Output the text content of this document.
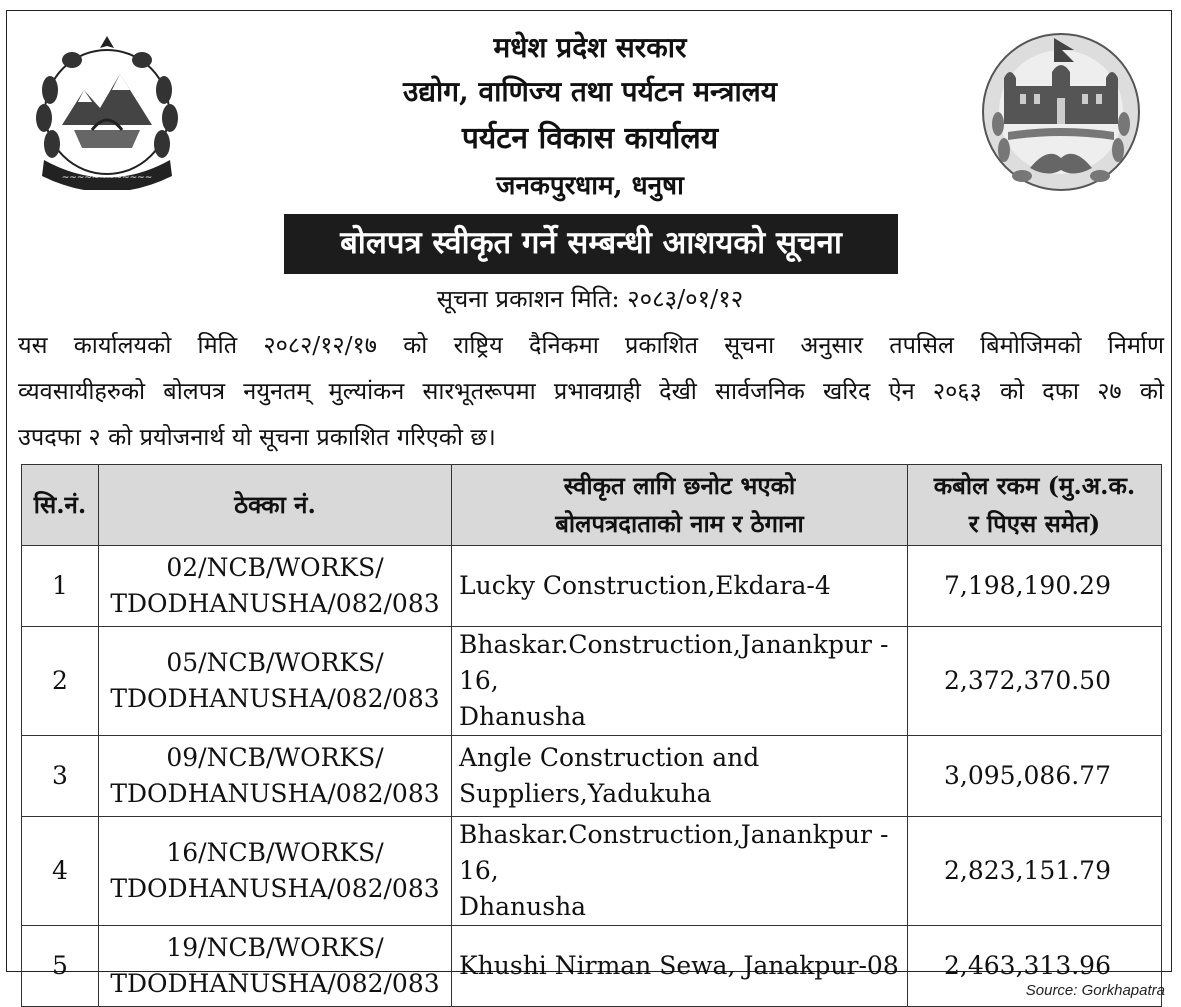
~~~~~~~~~~~~
मधेश प्रदेश सरकार
उद्योग, वाणिज्य तथा पर्यटन मन्त्रालय
पर्यटन विकास कार्यालय
जनकपुरधाम, धनुषा
बोलपत्र स्वीकृत गर्ने सम्बन्धी आशयको सूचना
सूचना प्रकाशन मिति: २०८३/०१/१२
यस कार्यालयको मिति २०८२/१२/१७ को राष्ट्रिय दैनिकमा प्रकाशित सूचना अनुसार तपसिल बिमोजिमको निर्माण
व्यवसायीहरुको बोलपत्र नयुनतम् मुल्यांकन सारभूतरूपमा प्रभावग्राही देखी सार्वजनिक खरिद ऐन २०६३ को दफा २७ को
उपदफा २ को प्रयोजनार्थ यो सूचना प्रकाशित गरिएको छ।
सि.नं.	ठेक्का नं.	स्वीकृत लागि छनोट भएको
बोलपत्रदाताको नाम र ठेगाना	कबोल रकम (मु.अ.क.
र पिएस समेत)

1	02/NCB/WORKS/
TDODHANUSHA/082/083	Lucky Construction,Ekdara-4	7,198,190.29
2	05/NCB/WORKS/
TDODHANUSHA/082/083	Bhaskar.Construction,Janankpur - 16,
Dhanusha	2,372,370.50
3	09/NCB/WORKS/
TDODHANUSHA/082/083	Angle Construction and
Suppliers,Yadukuha	3,095,086.77
4	16/NCB/WORKS/
TDODHANUSHA/082/083	Bhaskar.Construction,Janankpur - 16,
Dhanusha	2,823,151.79
5	19/NCB/WORKS/
TDODHANUSHA/082/083	Khushi Nirman Sewa, Janakpur-08	2,463,313.96
Source: Gorkhapatra
